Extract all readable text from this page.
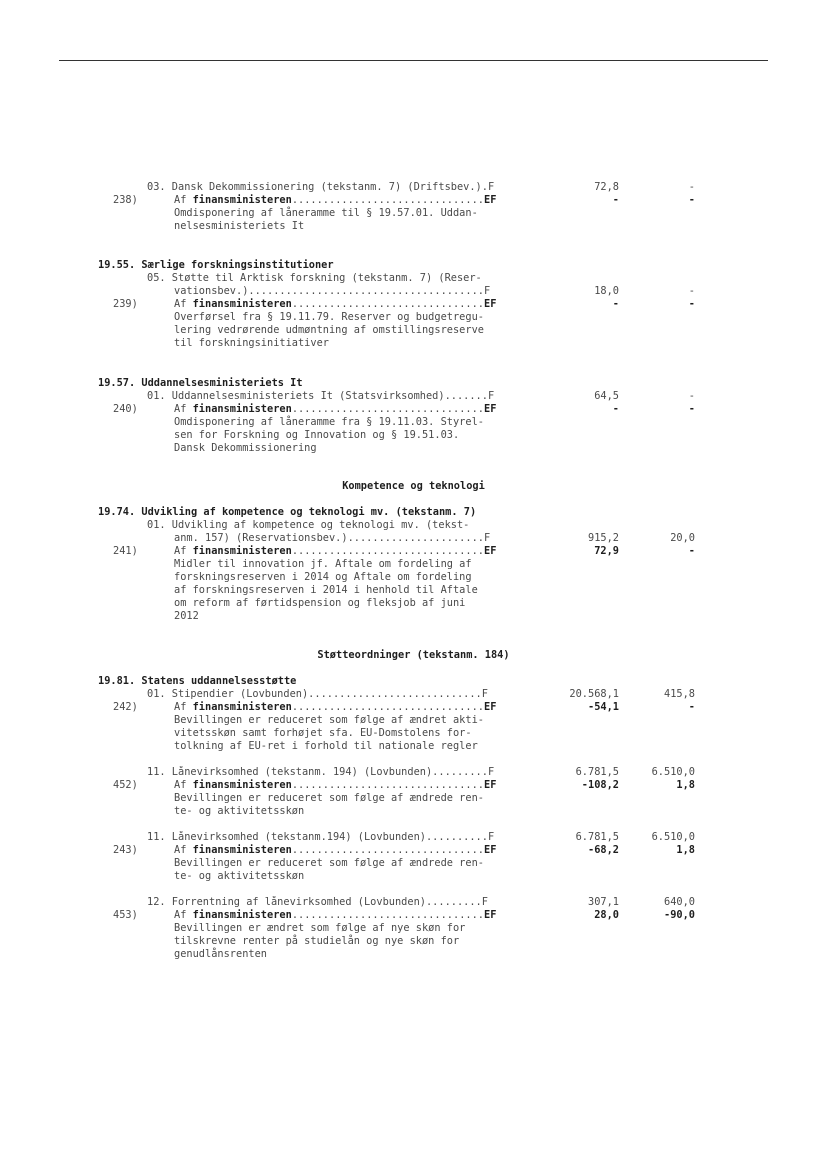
03. Dansk Dekommissionering (tekstanm. 7) (Driftsbev.).F	72,8	-
238)	Af finansministeren...............................EF	-	-
Omdisponering af låneramme til § 19.57.01. Uddan-
nelsesministeriets It
19.55. Særlige forskningsinstitutioner
05. Støtte til Arktisk forskning (tekstanm. 7) (Reser-
vationsbev.)......................................F	18,0	-
239)	Af finansministeren...............................EF	-	-
Overførsel fra § 19.11.79. Reserver og budgetregu-
lering vedrørende udmøntning af omstillingsreserve
til forskningsinitiativer
19.57. Uddannelsesministeriets It
01. Uddannelsesministeriets It (Statsvirksomhed).......F	64,5	-
240)	Af finansministeren...............................EF	-	-
Omdisponering af låneramme fra § 19.11.03. Styrel-
sen for Forskning og Innovation og § 19.51.03.
Dansk Dekommissionering
Kompetence og teknologi
19.74. Udvikling af kompetence og teknologi mv. (tekstanm. 7)
01. Udvikling af kompetence og teknologi mv. (tekst-
anm. 157) (Reservationsbev.)......................F	915,2	20,0
241)	Af finansministeren...............................EF	72,9	-
Midler til innovation jf. Aftale om fordeling af
forskningsreserven i 2014 og Aftale om fordeling
af forskningsreserven i 2014 i henhold til Aftale
om reform af førtidspension og fleksjob af juni
2012
Støtteordninger (tekstanm. 184)
19.81. Statens uddannelsesstøtte
01. Stipendier (Lovbunden)............................F	20.568,1	415,8
242)	Af finansministeren...............................EF	-54,1	-
Bevillingen er reduceret som følge af ændret akti-
vitetsskøn samt forhøjet sfa. EU-Domstolens for-
tolkning af EU-ret i forhold til nationale regler
11. Lånevirksomhed (tekstanm. 194) (Lovbunden).........F	6.781,5	6.510,0
452)	Af finansministeren...............................EF	-108,2	1,8
Bevillingen er reduceret som følge af ændrede ren-
te- og aktivitetsskøn
11. Lånevirksomhed (tekstanm.194) (Lovbunden)..........F	6.781,5	6.510,0
243)	Af finansministeren...............................EF	-68,2	1,8
Bevillingen er reduceret som følge af ændrede ren-
te- og aktivitetsskøn
12. Forrentning af lånevirksomhed (Lovbunden).........F	307,1	640,0
453)	Af finansministeren...............................EF	28,0	-90,0
Bevillingen er ændret som følge af nye skøn for
tilskrevne renter på studielån og nye skøn for
genudlånsrenten
